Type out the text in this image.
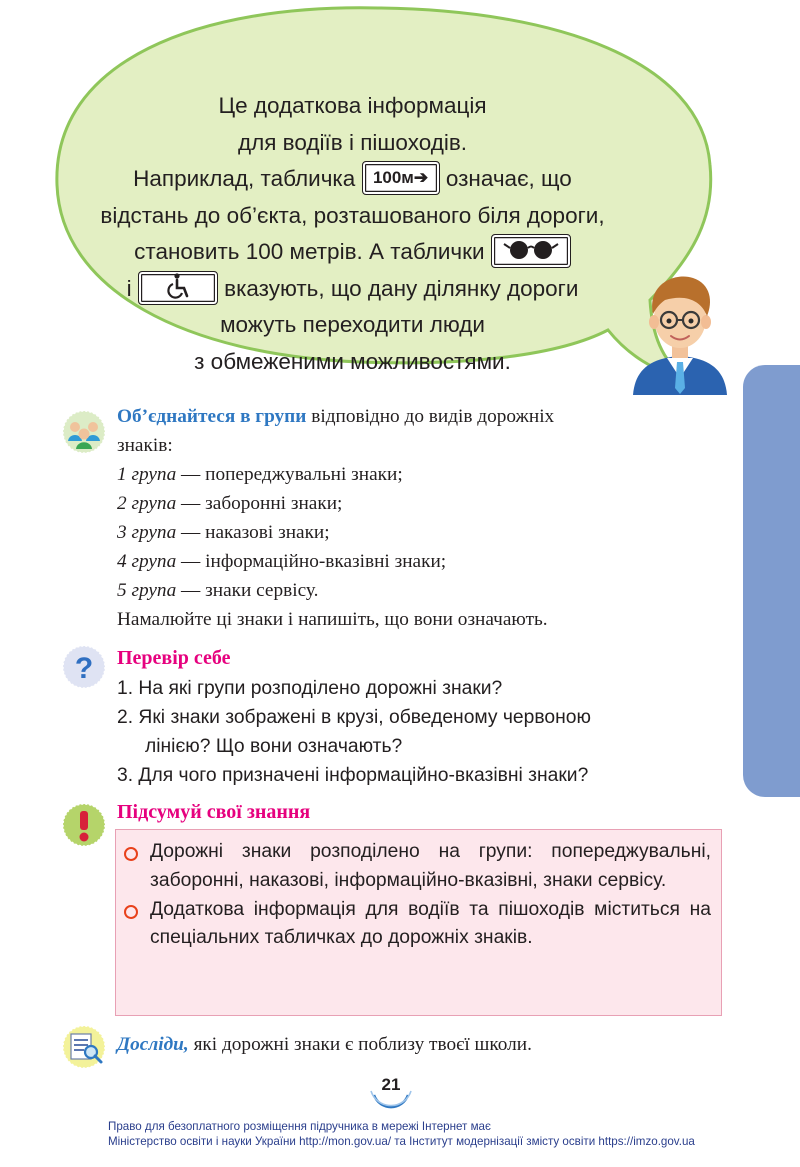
Це додаткова інформація
для водіїв і пішоходів.
Наприклад, табличка 100м➔ означає, що
відстань до об’єкта, розташованого біля дороги,
становить 100 метрів. А таблички
і	вказують, що дану ділянку дороги
можуть переходити люди
з обмеженими можливостями.
Об’єднайтеся в групи відповідно до видів дорожніх
знаків:
1 група — попереджувальні знаки;
2 група — заборонні знаки;
3 група — наказові знаки;
4 група — інформаційно-вказівні знаки;
5 група — знаки сервісу.
Намалюйте ці знаки і напишіть, що вони означають.
? Перевір себе
1. На які групи розподілено дорожні знаки?
2. Які знаки зображені в крузі, обведеному червоною
лінією? Що вони означають?
3. Для чого призначені інформаційно-вказівні знаки?
Підсумуй свої знання
Дорожні знаки розподілено на групи: попереджувальні, заборонні, наказові, інформаційно-вказівні, знаки сервісу.
Додаткова інформація для водіїв та пішоходів міститься на спеціальних табличках до дорожніх знаків.
Досліди, які дорожні знаки є поблизу твоєї школи.
21
Право для безоплатного розміщення підручника в мережі Інтернет має
Міністерство освіти і науки України http://mon.gov.ua/ та Інститут модернізації змісту освіти https://imzo.gov.ua
